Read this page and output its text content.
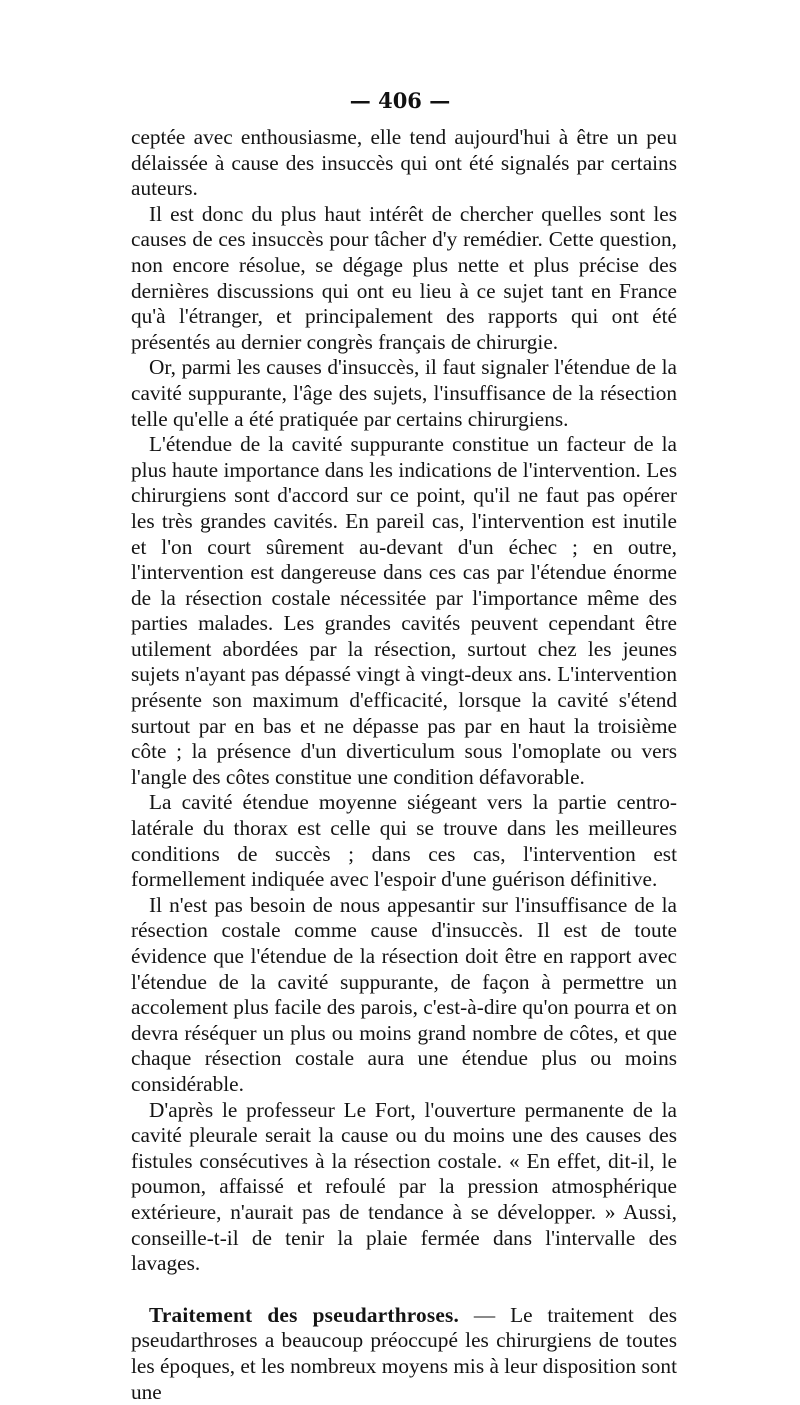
— 406 —

ceptée avec enthousiasme, elle tend aujourd'hui à être un peu délaissée à cause des insuccès qui ont été signalés par certains auteurs.

Il est donc du plus haut intérêt de chercher quelles sont les causes de ces insuccès pour tâcher d'y remédier. Cette question, non encore résolue, se dégage plus nette et plus précise des dernières discussions qui ont eu lieu à ce sujet tant en France qu'à l'étranger, et principalement des rapports qui ont été présentés au dernier congrès français de chirurgie.

Or, parmi les causes d'insuccès, il faut signaler l'étendue de la cavité suppurante, l'âge des sujets, l'insuffisance de la résection telle qu'elle a été pratiquée par certains chirurgiens.

L'étendue de la cavité suppurante constitue un facteur de la plus haute importance dans les indications de l'intervention. Les chirurgiens sont d'accord sur ce point, qu'il ne faut pas opérer les très grandes cavités. En pareil cas, l'intervention est inutile et l'on court sûrement au-devant d'un échec ; en outre, l'intervention est dangereuse dans ces cas par l'étendue énorme de la résection costale nécessitée par l'importance même des parties malades. Les grandes cavités peuvent cependant être utilement abordées par la résection, surtout chez les jeunes sujets n'ayant pas dépassé vingt à vingt-deux ans. L'intervention présente son maximum d'efficacité, lorsque la cavité s'étend surtout par en bas et ne dépasse pas par en haut la troisième côte ; la présence d'un diverticulum sous l'omoplate ou vers l'angle des côtes constitue une condition défavorable.

La cavité étendue moyenne siégeant vers la partie centro-latérale du thorax est celle qui se trouve dans les meilleures conditions de succès ; dans ces cas, l'intervention est formellement indiquée avec l'espoir d'une guérison définitive.

Il n'est pas besoin de nous appesantir sur l'insuffisance de la résection costale comme cause d'insuccès. Il est de toute évidence que l'étendue de la résection doit être en rapport avec l'étendue de la cavité suppurante, de façon à permettre un accolement plus facile des parois, c'est-à-dire qu'on pourra et on devra réséquer un plus ou moins grand nombre de côtes, et que chaque résection costale aura une étendue plus ou moins considérable.

D'après le professeur Le Fort, l'ouverture permanente de la cavité pleurale serait la cause ou du moins une des causes des fistules consécutives à la résection costale. « En effet, dit-il, le poumon, affaissé et refoulé par la pression atmosphérique extérieure, n'aurait pas de tendance à se développer. » Aussi, conseille-t-il de tenir la plaie fermée dans l'intervalle des lavages.

Traitement des pseudarthroses. — Le traitement des pseudarthroses a beaucoup préoccupé les chirurgiens de toutes les époques, et les nombreux moyens mis à leur disposition sont une
